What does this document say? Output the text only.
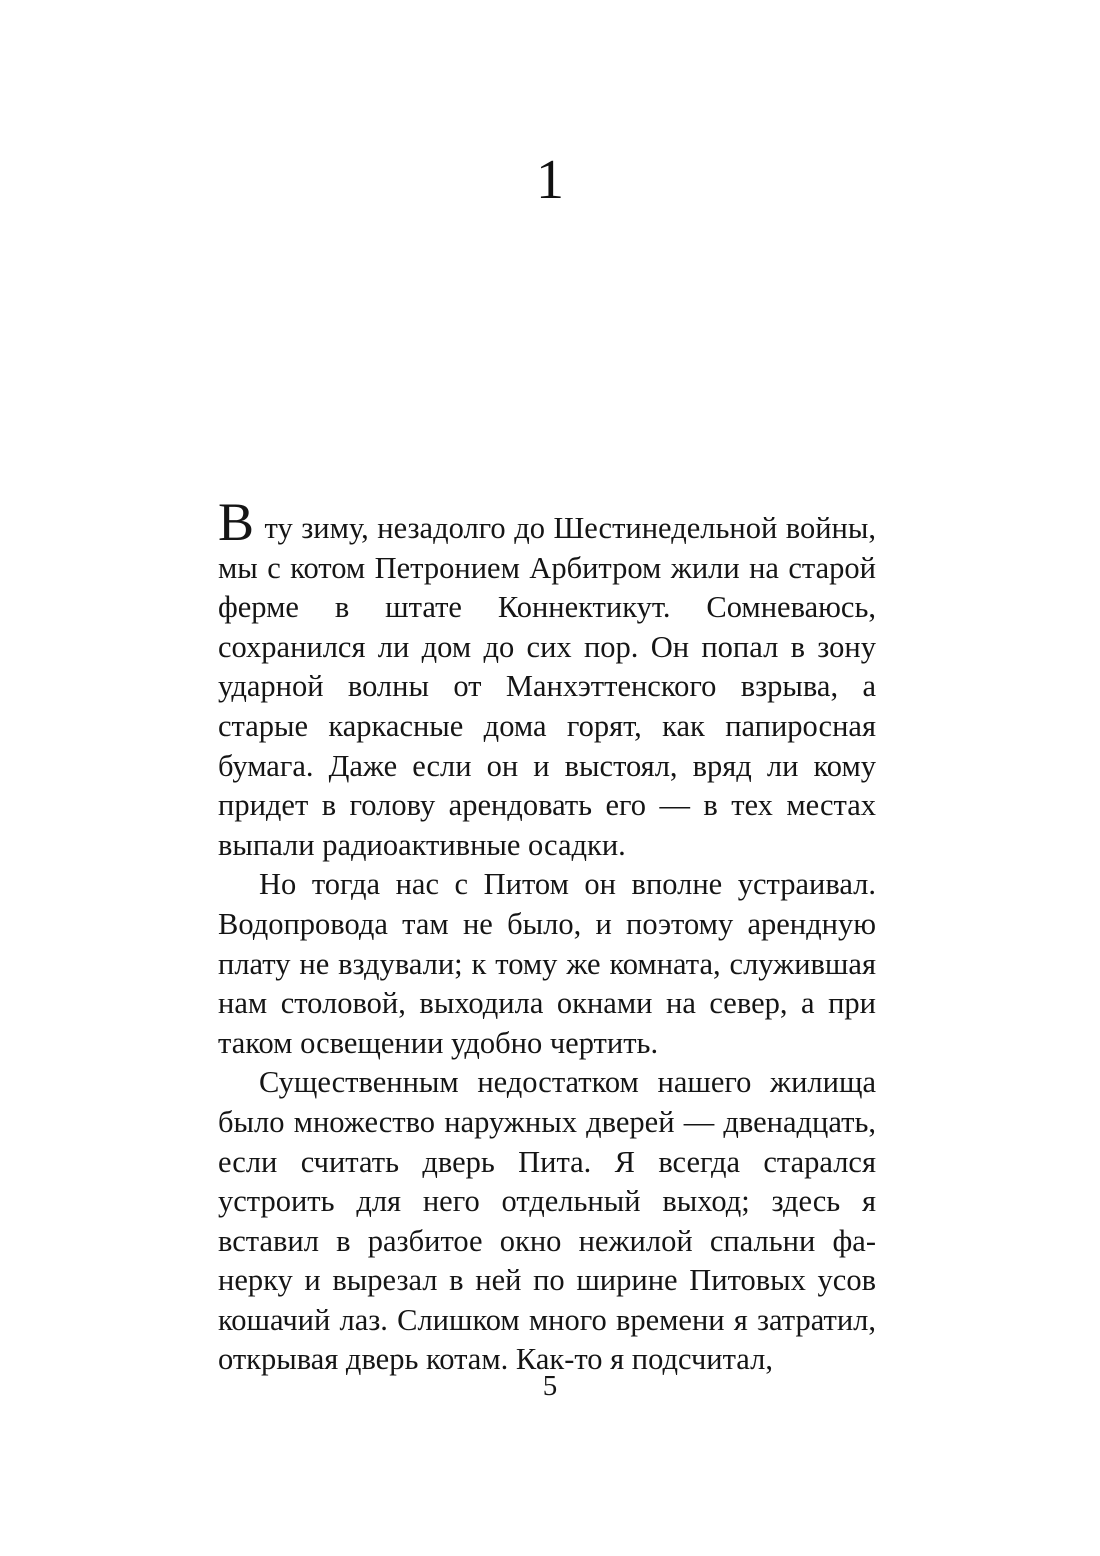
1

В ту зиму, незадолго до Шестинедельной войны, мы с котом Петронием Арбитром жили на старой ферме в штате Коннектикут. Сомневаюсь, сохранился ли дом до сих пор. Он попал в зону ударной волны от Манхэттенского взрыва, а старые каркасные дома горят, как папиросная бумага. Даже если он и выстоял, вряд ли кому придет в голову арендовать его — в тех местах выпали радиоактивные осадки.

Но тогда нас с Питом он вполне устраивал. Водопровода там не было, и поэтому арендную плату не вздували; к тому же комната, служившая нам столовой, выходила окнами на север, а при таком освещении удобно чертить.

Существенным недостатком нашего жилища было множество наружных дверей — двенадцать, если считать дверь Пита. Я всегда старался устроить для него отдельный выход; здесь я вставил в разбитое окно нежилой спальни фанерку и вырезал в ней по ширине Питовых усов кошачий лаз. Слишком много времени я затратил, открывая дверь котам. Как-то я подсчитал,

5
